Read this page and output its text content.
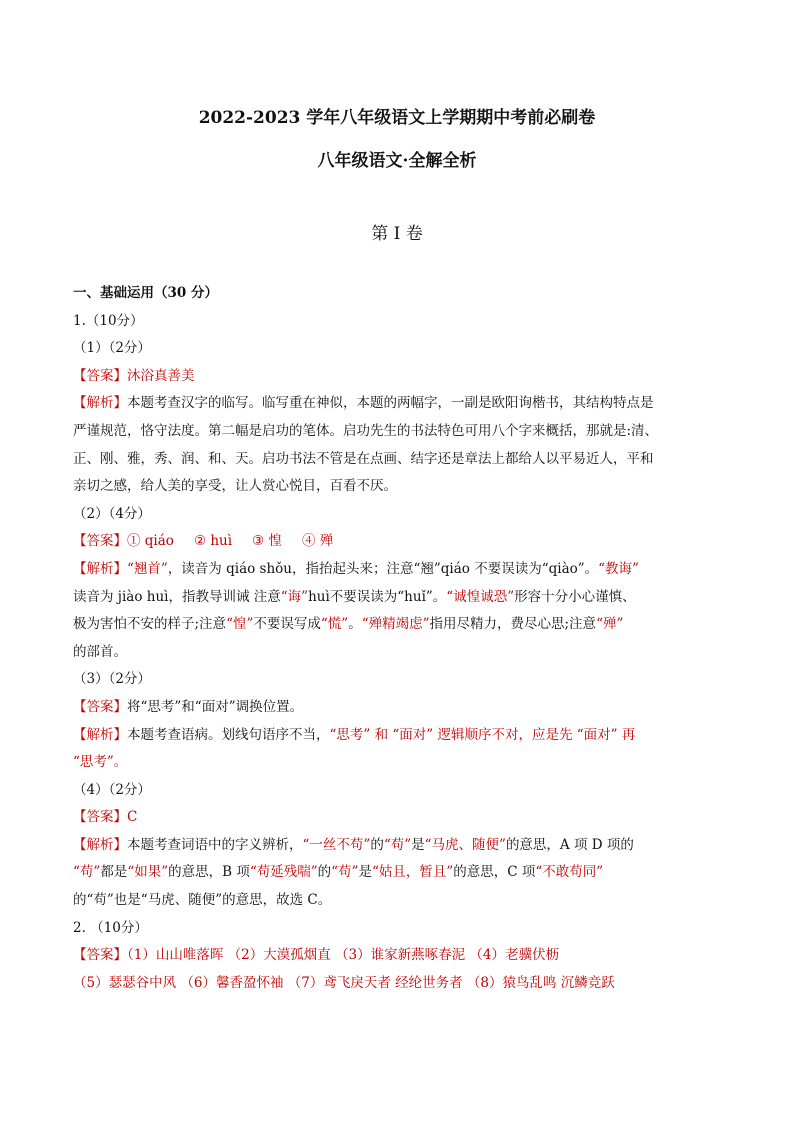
2022-2023 学年八年级语文上学期期中考前必刷卷
八年级语文·全解全析
第 I 卷
一、基础运用（30 分）
1.（10分）
（1）（2分）
【答案】沐浴真善美
【解析】本题考查汉字的临写。临写重在神似，本题的两幅字，一副是欧阳询楷书，其结构特点是
严谨规范，恪守法度。第二幅是启功的笔体。启功先生的书法特色可用八个字来概括，那就是:清、
正、刚、雅，秀、润、和、天。启功书法不管是在点画、结字还是章法上都给人以平易近人，平和
亲切之感，给人美的享受，让人赏心悦目，百看不厌。
（2）（4分）
【答案】① qiáo ② huì ③ 惶 ④ 殚
【解析】“翘首”，读音为 qiáo shǒu，指抬起头来；注意“翘”qiáo 不要误读为“qiào”。“教诲”
读音为 jiào huì，指教导训诫 注意“诲”huì不要误读为“huǐ”。“诚惶诚恐”形容十分小心谨慎、
极为害怕不安的样子;注意“惶”不要误写成“慌”。“殚精竭虑”指用尽精力，费尽心思;注意“殚”
的部首。
（3）（2分）
【答案】将“思考”和“面对”调换位置。
【解析】本题考查语病。划线句语序不当，“思考” 和 “面对” 逻辑顺序不对，应是先 “面对” 再
“思考”。
（4）（2分）
【答案】C
【解析】本题考查词语中的字义辨析，“一丝不苟”的“苟”是“马虎、随便”的意思，A 项 D 项的
“苟”都是“如果”的意思，B 项“苟延残喘”的“苟”是“姑且，暂且”的意思，C 项“不敢苟同”
的“苟”也是“马虎、随便”的意思，故选 C。
2. （10分）
【答案】（1）山山唯落晖 （2）大漠孤烟直 （3）谁家新燕啄春泥 （4）老骥伏枥
（5）瑟瑟谷中风 （6）馨香盈怀袖 （7）鸢飞戾天者 经纶世务者 （8）猿鸟乱鸣 沉鳞竞跃
